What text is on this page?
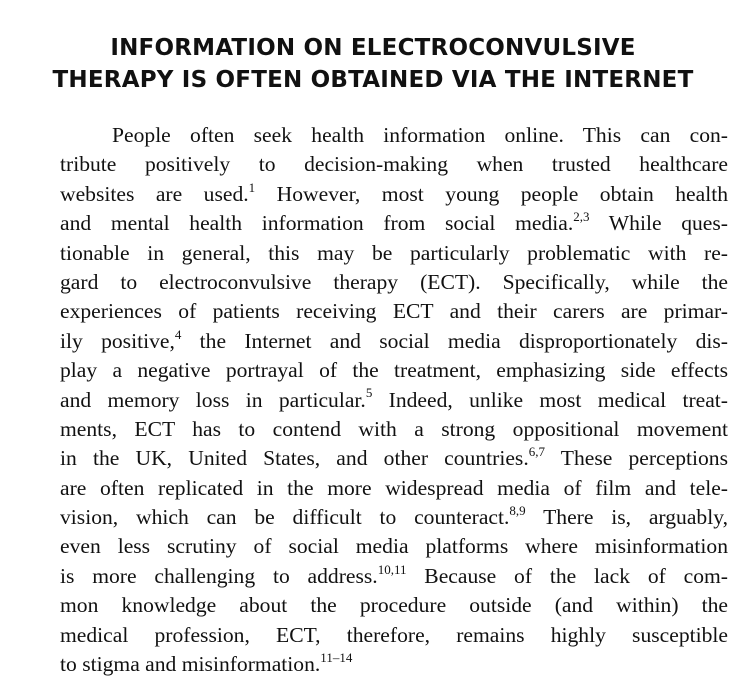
INFORMATION ON ELECTROCONVULSIVE
THERAPY IS OFTEN OBTAINED VIA THE INTERNET
People often seek health information online. This can con-
tribute positively to decision-making when trusted healthcare
websites are used.$^1$ However, most young people obtain health
and mental health information from social media.$^{2,3}$ While ques-
tionable in general, this may be particularly problematic with re-
gard to electroconvulsive therapy (ECT). Specifically, while the
experiences of patients receiving ECT and their carers are primar-
ily positive,$^4$ the Internet and social media disproportionately dis-
play a negative portrayal of the treatment, emphasizing side effects
and memory loss in particular.$^5$ Indeed, unlike most medical treat-
ments, ECT has to contend with a strong oppositional movement
in the UK, United States, and other countries.$^{6,7}$ These perceptions
are often replicated in the more widespread media of film and tele-
vision, which can be difficult to counteract.$^{8,9}$ There is, arguably,
even less scrutiny of social media platforms where misinformation
is more challenging to address.$^{10,11}$ Because of the lack of com-
mon knowledge about the procedure outside (and within) the
medical profession, ECT, therefore, remains highly susceptible
to stigma and misinformation.$^{11-14}$
